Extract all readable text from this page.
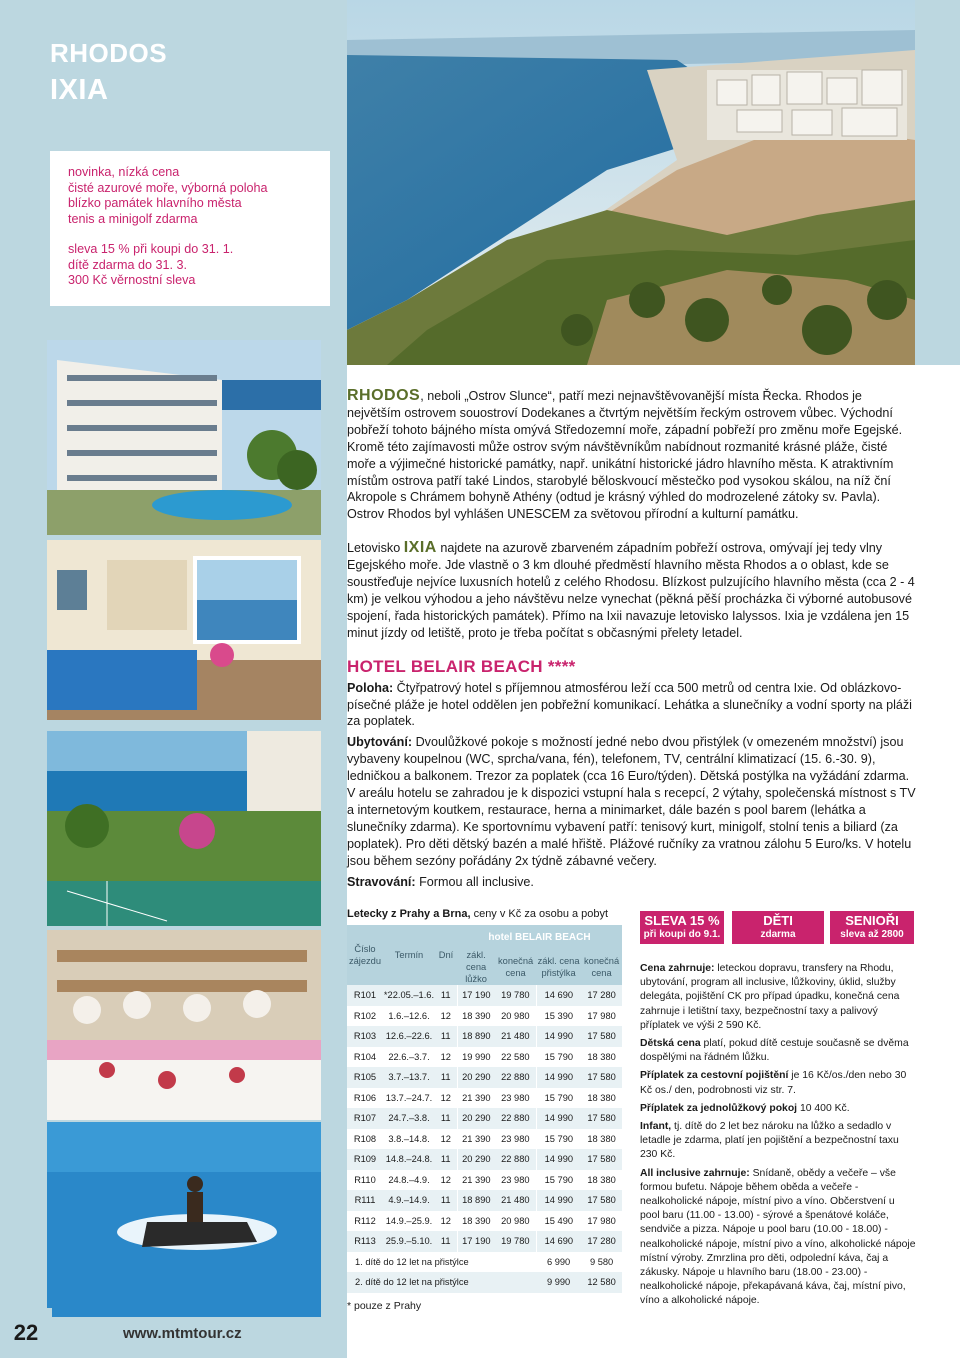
RHODOS
IXIA
novinka, nízká cena
čisté azurové moře, výborná poloha
blízko památek hlavního města
tenis a minigolf zdarma
sleva 15 % při koupi do 31. 1.
dítě zdarma do 31. 3.
300 Kč věrnostní sleva
22	www.mtmtour.cz

RHODOS, neboli „Ostrov Slunce“, patří mezi nejnavštěvovanější místa Řecka. Rhodos je největším ostrovem souostroví Dodekanes a čtvrtým největším řeckým ostrovem vůbec. Východní pobřeží tohoto bájného místa omývá Středozemní moře, západní pobřeží pro změnu moře Egejské. Kromě této zajímavosti může ostrov svým návštěvníkům nabídnout rozmanité krásné pláže, čisté moře a výjimečné historické památky, např. unikátní historické jádro hlavního města. K atraktivním místům ostrova patří také Lindos, starobylé běloskvoucí městečko pod vysokou skálou, na níž ční Akropole s Chrámem bohyně Athény (odtud je krásný výhled do modrozelené zátoky sv. Pavla). Ostrov Rhodos byl vyhlášen UNESCEM za světovou přírodní a kulturní památku.

Letovisko IXIA najdete na azurově zbarveném západním pobřeží ostrova, omývají jej tedy vlny Egejského moře. Jde vlastně o 3 km dlouhé předměstí hlavního města Rhodos a o oblast, kde se soustřeďuje nejvíce luxusních hotelů z celého Rhodosu. Blízkost pulzujícího hlavního města (cca 2 - 4 km) je velkou výhodou a jeho návštěvu nelze vynechat (pěkná pěší procházka či výborné autobusové spojení, řada historických památek). Přímo na Ixii navazuje letovisko Ialyssos. Ixia je vzdálena jen 15 minut jízdy od letiště, proto je třeba počítat s občasnými přelety letadel.

HOTEL BELAIR BEACH ****

Poloha: Čtyřpatrový hotel s příjemnou atmosférou leží cca 500 metrů od centra Ixie. Od oblázkovo-písečné pláže je hotel oddělen jen pobřežní komunikací. Lehátka a slunečníky a vodní sporty na pláži za poplatek.

Ubytování: Dvoulůžkové pokoje s možností jedné nebo dvou přistýlek (v omezeném množství) jsou vybaveny koupelnou (WC, sprcha/vana, fén), telefonem, TV, centrální klimatizací (15. 6.-30. 9), ledničkou a balkonem. Trezor za poplatek (cca 16 Euro/týden). Dětská postýlka na vyžádání zdarma. V areálu hotelu se zahradou je k dispozici vstupní hala s recepcí, 2 výtahy, společenská místnost s TV a internetovým koutkem, restaurace, herna a minimarket, dále bazén s pool barem (lehátka a slunečníky zdarma). Ke sportovnímu vybavení patří: tenisový kurt, minigolf, stolní tenis a biliard (za poplatek). Pro děti dětský bazén a malé hřiště. Plážové ručníky za vratnou zálohu 5 Euro/ks. V hotelu jsou během sezóny pořádány 2x týdně zábavné večery.

Stravování: Formou all inclusive.

Letecky z Prahy a Brna, ceny v Kč za osobu a pobyt
Číslo zájezdu	Termín	Dní	hotel BELAIR BEACH			
			zákl. cena lůžko	konečná cena	zákl. cena přistýlka	konečná cena
R101	*22.05.–1.6.	11	17 190	19 780	14 690	17 280
R102	1.6.–12.6.	12	18 390	20 980	15 390	17 980
R103	12.6.–22.6.	11	18 890	21 480	14 990	17 580
R104	22.6.–3.7.	12	19 990	22 580	15 790	18 380
R105	3.7.–13.7.	11	20 290	22 880	14 990	17 580
R106	13.7.–24.7.	12	21 390	23 980	15 790	18 380
R107	24.7.–3.8.	11	20 290	22 880	14 990	17 580
R108	3.8.–14.8.	12	21 390	23 980	15 790	18 380
R109	14.8.–24.8.	11	20 290	22 880	14 990	17 580
R110	24.8.–4.9.	12	21 390	23 980	15 790	18 380
R111	4.9.–14.9.	11	18 890	21 480	14 990	17 580
R112	14.9.–25.9.	12	18 390	20 980	15 490	17 980
R113	25.9.–5.10.	11	17 190	19 780	14 690	17 280
1. dítě do 12 let na přistýlce					6 990	9 580
2. dítě do 12 let na přistýlce					9 990	12 580
* pouze z Prahy
SLEVA 15 %
při koupi do 9.1.
DĚTI
zdarma
SENIOŘI
sleva až 2800

Cena zahrnuje: leteckou dopravu, transfery na Rhodu, ubytování, program all inclusive, lůžkoviny, úklid, služby delegáta, pojištění CK pro případ úpadku, konečná cena zahrnuje i letištní taxy, bezpečnostní taxy a palivový příplatek ve výši 2 590 Kč.

Dětská cena platí, pokud dítě cestuje současně se dvěma dospělými na řádném lůžku.

Příplatek za cestovní pojištění je 16 Kč/os./den nebo 30 Kč os./ den, podrobnosti viz str. 7.

Příplatek za jednolůžkový pokoj 10 400 Kč.

Infant, tj. dítě do 2 let bez nároku na lůžko a sedadlo v letadle je zdarma, platí jen pojištění a bezpečnostní taxu 230 Kč.

All inclusive zahrnuje: Snídaně, obědy a večeře – vše formou bufetu. Nápoje během oběda a večeře - nealkoholické nápoje, místní pivo a víno. Občerstvení u pool baru (11.00 - 13.00) - sýrové a špenátové koláče, sendviče a pizza. Nápoje u pool baru (10.00 - 18.00) - nealkoholické nápoje, místní pivo a víno, alkoholické nápoje místní výroby. Zmrzlina pro děti, odpolední káva, čaj a zákusky. Nápoje u hlavního baru (18.00 - 23.00) - nealkoholické nápoje, překapávaná káva, čaj, místní pivo, víno a alkoholické nápoje.
